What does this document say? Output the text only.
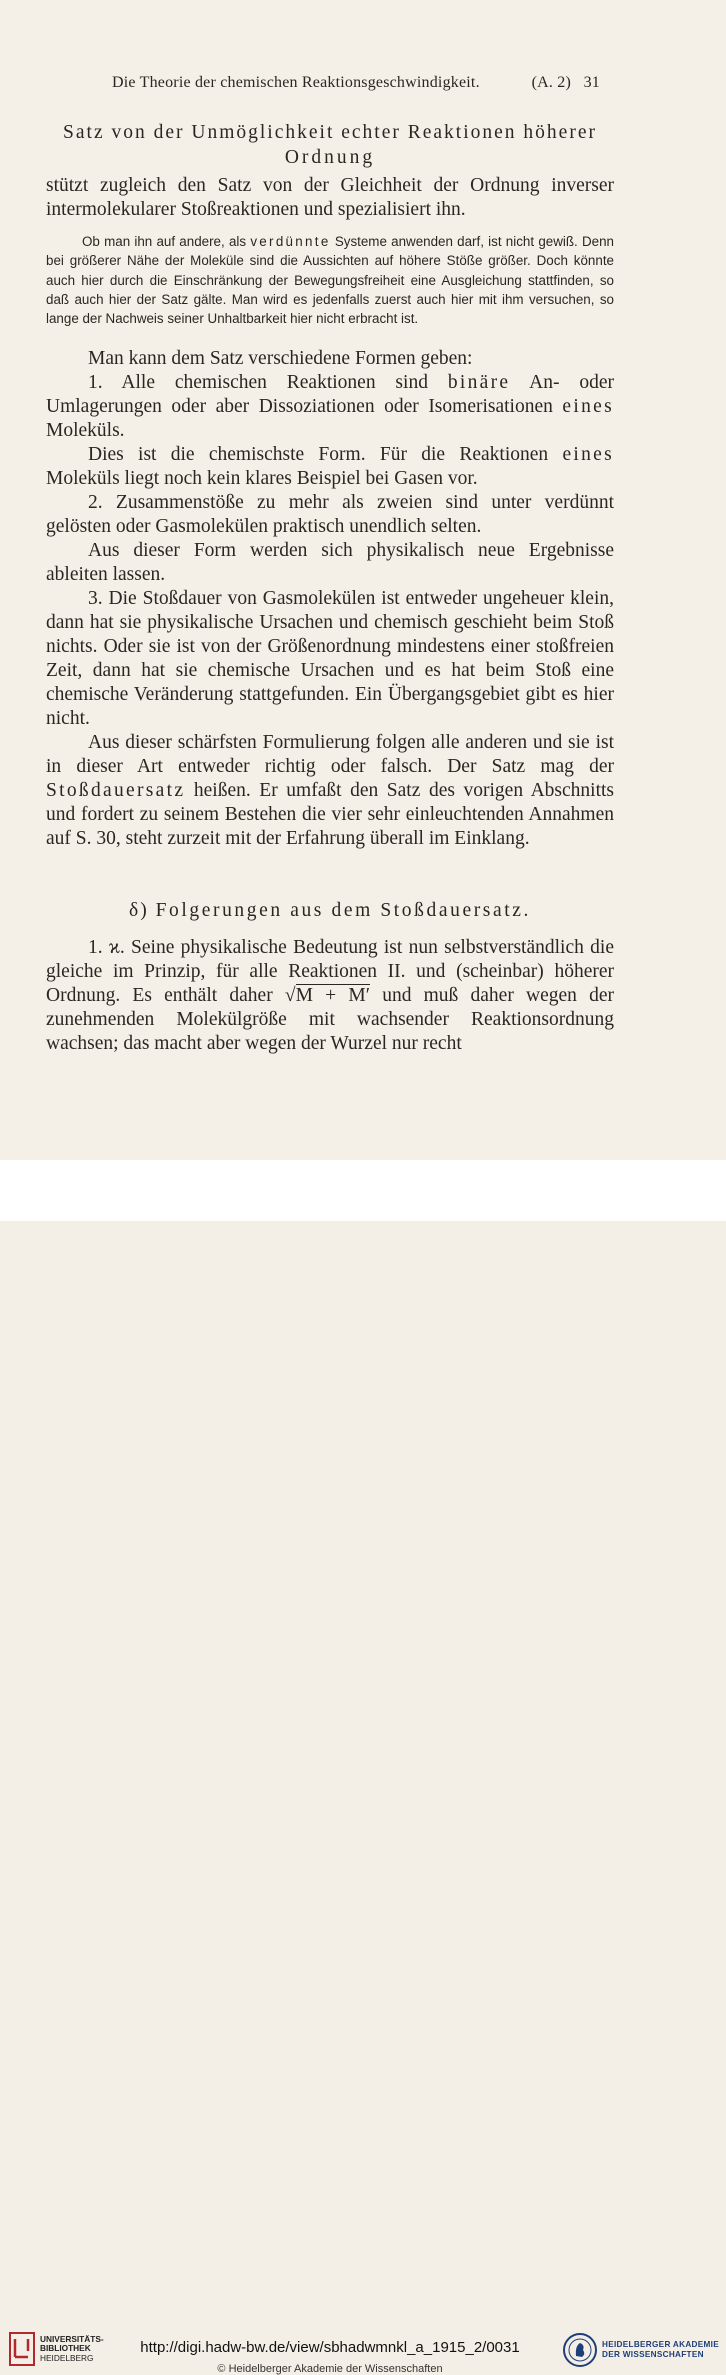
Die Theorie der chemischen Reaktionsgeschwindigkeit.	(A. 2) 31
Satz von der Unmöglichkeit echter Reaktionen höherer
Ordnung

stützt zugleich den Satz von der Gleichheit der Ordnung inverser intermolekularer Stoßreaktionen und spezialisiert ihn.

Ob man ihn auf andere, als verdünnte Systeme anwenden darf, ist nicht gewiß. Denn bei größerer Nähe der Moleküle sind die Aussichten auf höhere Stöße größer. Doch könnte auch hier durch die Einschränkung der Bewegungsfreiheit eine Ausgleichung stattfinden, so daß auch hier der Satz gälte. Man wird es jedenfalls zuerst auch hier mit ihm versuchen, so lange der Nachweis seiner Unhaltbarkeit hier nicht erbracht ist.

Man kann dem Satz verschiedene Formen geben:

1. Alle chemischen Reaktionen sind binäre An- oder Umlagerungen oder aber Dissoziationen oder Isomerisationen eines Moleküls.

Dies ist die chemischste Form. Für die Reaktionen eines Moleküls liegt noch kein klares Beispiel bei Gasen vor.

2. Zusammenstöße zu mehr als zweien sind unter verdünnt gelösten oder Gasmolekülen praktisch unendlich selten.

Aus dieser Form werden sich physikalisch neue Ergebnisse ableiten lassen.

3. Die Stoßdauer von Gasmolekülen ist entweder ungeheuer klein, dann hat sie physikalische Ursachen und chemisch geschieht beim Stoß nichts. Oder sie ist von der Größenordnung mindestens einer stoßfreien Zeit, dann hat sie chemische Ursachen und es hat beim Stoß eine chemische Veränderung stattgefunden. Ein Übergangsgebiet gibt es hier nicht.

Aus dieser schärfsten Formulierung folgen alle anderen und sie ist in dieser Art entweder richtig oder falsch. Der Satz mag der Stoßdauersatz heißen. Er umfaßt den Satz des vorigen Abschnitts und fordert zu seinem Bestehen die vier sehr einleuchtenden Annahmen auf S. 30, steht zurzeit mit der Erfahrung überall im Einklang.

δ) Folgerungen aus dem Stoßdauersatz.

1. ϰ. Seine physikalische Bedeutung ist nun selbstverständlich die gleiche im Prinzip, für alle Reaktionen II. und (scheinbar) höherer Ordnung. Es enthält daher √M + M′ und muß daher wegen der zunehmenden Molekülgröße mit wachsender Reaktionsordnung wachsen; das macht aber wegen der Wurzel nur recht

UNIVERSITÄTS-
BIBLIOTHEK
HEIDELBERG
http://digi.hadw-bw.de/view/sbhadwmnkl_a_1915_2/0031
© Heidelberger Akademie der Wissenschaften
HEIDELBERGER AKADEMIE
DER WISSENSCHAFTEN
